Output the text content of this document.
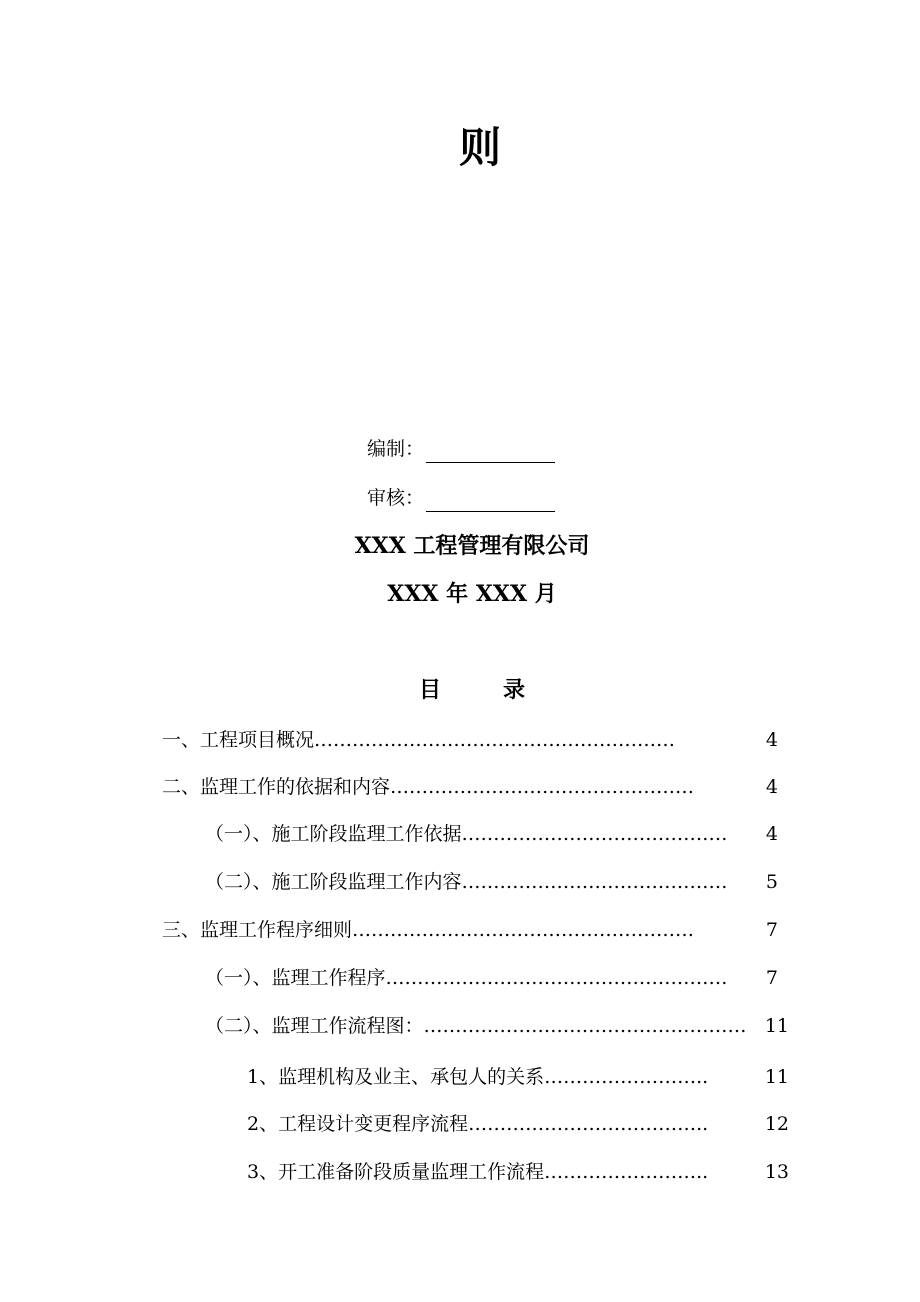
则
编制：
审核：

XXX 工程管理有限公司

XXX 年 XXX 月

目录
一、工程项目概况 …………………………………………………	4
二、监理工作的依据和内容 …………………………………………	4
（一）、施工阶段监理工作依据 ……………………………………	4
（二）、施工阶段监理工作内容 ……………………………………	5
三、监理工作程序细则 ………………………………………………	7
（一）、监理工作程序 ………………………………………………	7
（二）、监理工作流程图： …………………………………………… 11
1、监理机构及业主、承包人的关系 ……………………..	11
2、工程设计变更程序流程 ………………………………..	12
3、开工准备阶段质量监理工作流程 ……………………..	13
